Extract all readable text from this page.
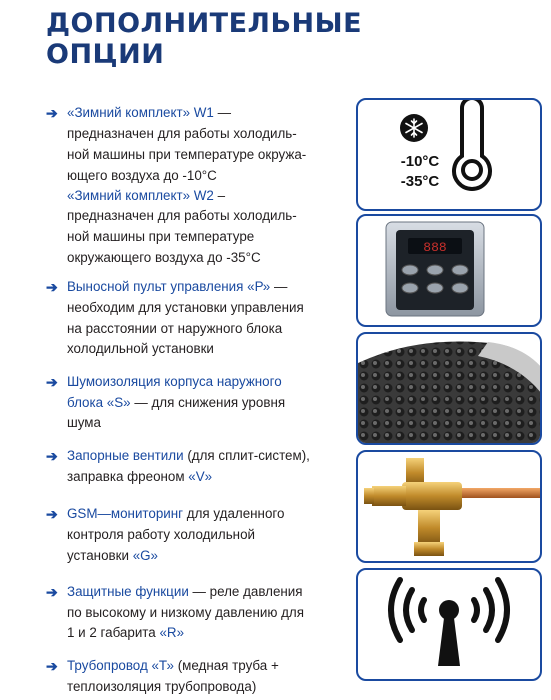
ДОПОЛНИТЕЛЬНЫЕ
ОПЦИИ
➔ «Зимний комплект» W1 —
предназначен для работы холодиль-
ной машины при температуре окружа-
ющего воздуха до -10°С
«Зимний комплект» W2 –
предназначен для работы холодиль-
ной машины при температуре
окружающего воздуха до -35°С
➔ Выносной пульт управления «Р» —
необходим для установки управления
на расстоянии от наружного блока
холодильной установки
➔ Шумоизоляция корпуса наружного
блока «S» — для снижения уровня
шума
➔ Запорные вентили (для сплит-систем),
заправка фреоном «V»
➔ GSM—мониторинг для удаленного
контроля работу холодильной
установки «G»
➔ Защитные функции — реле давления
по высокому и низкому давлению для
1 и 2 габарита «R»
➔ Трубопровод «Т» (медная труба +
теплоизоляция трубопровода)
-10°C
-35°C
888
